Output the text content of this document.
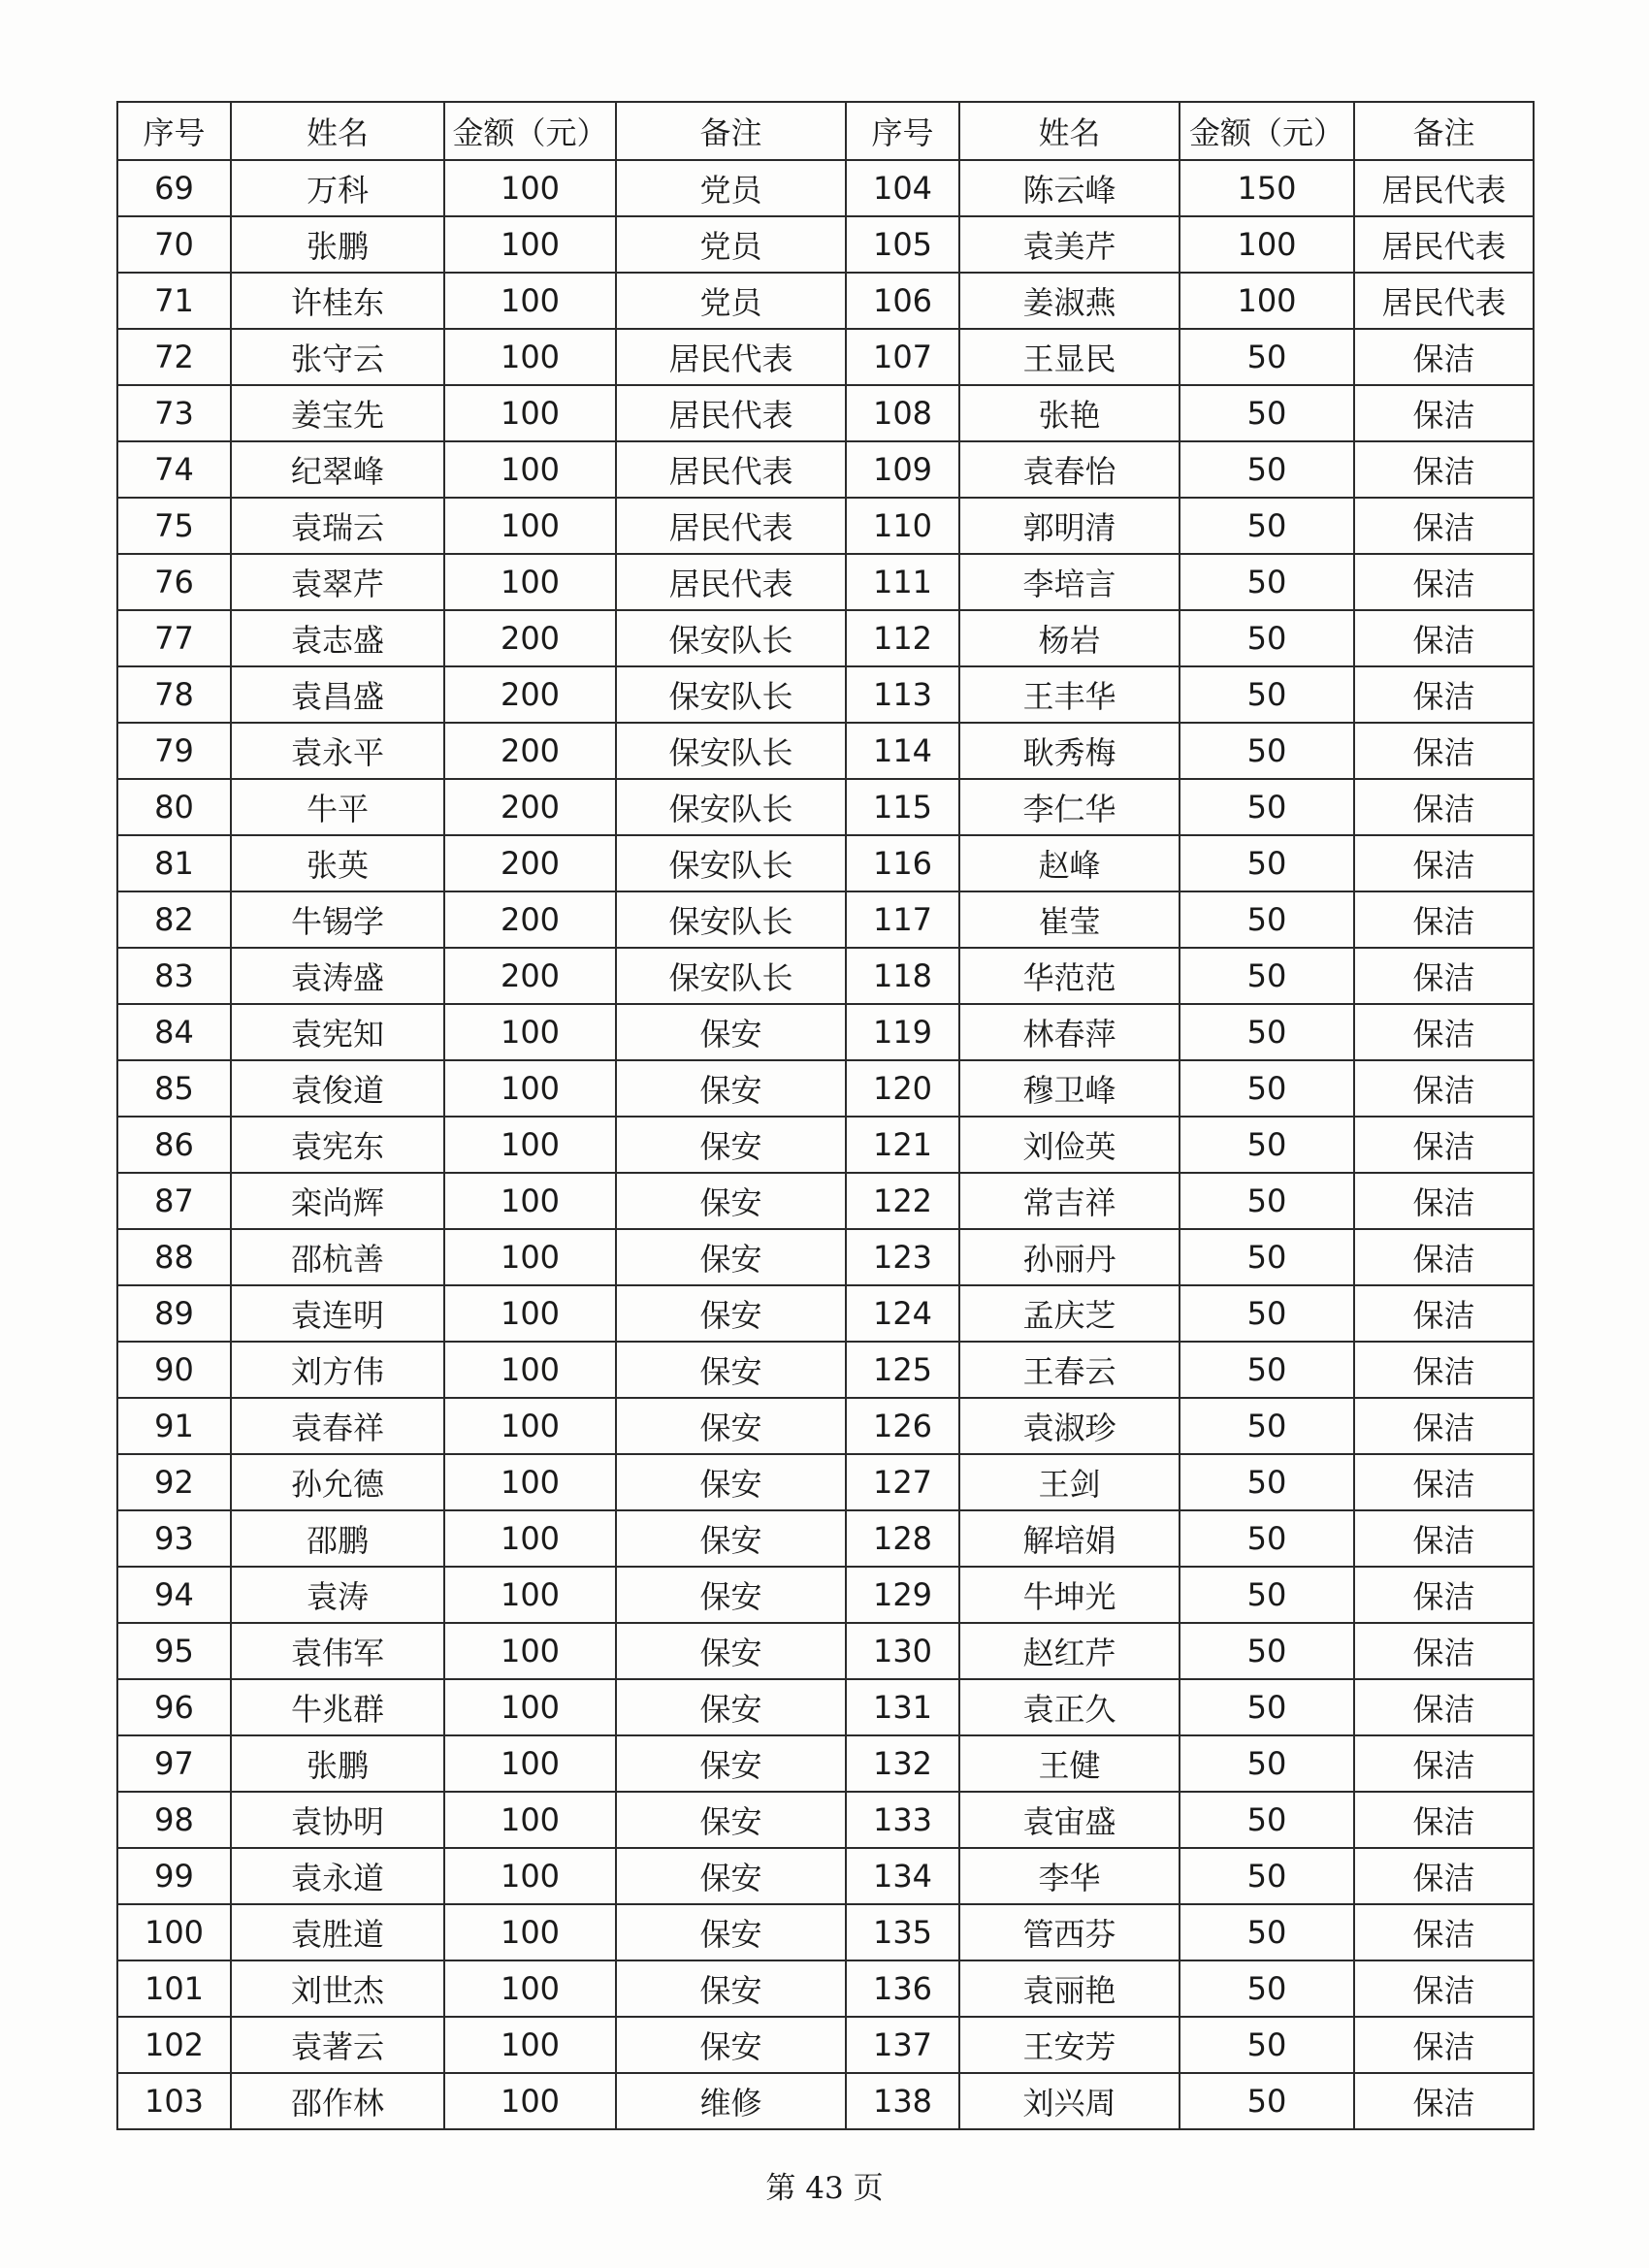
序号	姓名	金额（元）	备注	序号	姓名	金额（元）	备注
69	万科	100	党员	104	陈云峰	150	居民代表
70	张鹏	100	党员	105	袁美芹	100	居民代表
71	许桂东	100	党员	106	姜淑燕	100	居民代表
72	张守云	100	居民代表	107	王显民	50	保洁
73	姜宝先	100	居民代表	108	张艳	50	保洁
74	纪翠峰	100	居民代表	109	袁春怡	50	保洁
75	袁瑞云	100	居民代表	110	郭明清	50	保洁
76	袁翠芹	100	居民代表	111	李培言	50	保洁
77	袁志盛	200	保安队长	112	杨岩	50	保洁
78	袁昌盛	200	保安队长	113	王丰华	50	保洁
79	袁永平	200	保安队长	114	耿秀梅	50	保洁
80	牛平	200	保安队长	115	李仁华	50	保洁
81	张英	200	保安队长	116	赵峰	50	保洁
82	牛锡学	200	保安队长	117	崔莹	50	保洁
83	袁涛盛	200	保安队长	118	华范范	50	保洁
84	袁宪知	100	保安	119	林春萍	50	保洁
85	袁俊道	100	保安	120	穆卫峰	50	保洁
86	袁宪东	100	保安	121	刘俭英	50	保洁
87	栾尚辉	100	保安	122	常吉祥	50	保洁
88	邵杭善	100	保安	123	孙丽丹	50	保洁
89	袁连明	100	保安	124	孟庆芝	50	保洁
90	刘方伟	100	保安	125	王春云	50	保洁
91	袁春祥	100	保安	126	袁淑珍	50	保洁
92	孙允德	100	保安	127	王剑	50	保洁
93	邵鹏	100	保安	128	解培娟	50	保洁
94	袁涛	100	保安	129	牛坤光	50	保洁
95	袁伟军	100	保安	130	赵红芹	50	保洁
96	牛兆群	100	保安	131	袁正久	50	保洁
97	张鹏	100	保安	132	王健	50	保洁
98	袁协明	100	保安	133	袁宙盛	50	保洁
99	袁永道	100	保安	134	李华	50	保洁
100	袁胜道	100	保安	135	管西芬	50	保洁
101	刘世杰	100	保安	136	袁丽艳	50	保洁
102	袁著云	100	保安	137	王安芳	50	保洁
103	邵作林	100	维修	138	刘兴周	50	保洁
第 43 页
